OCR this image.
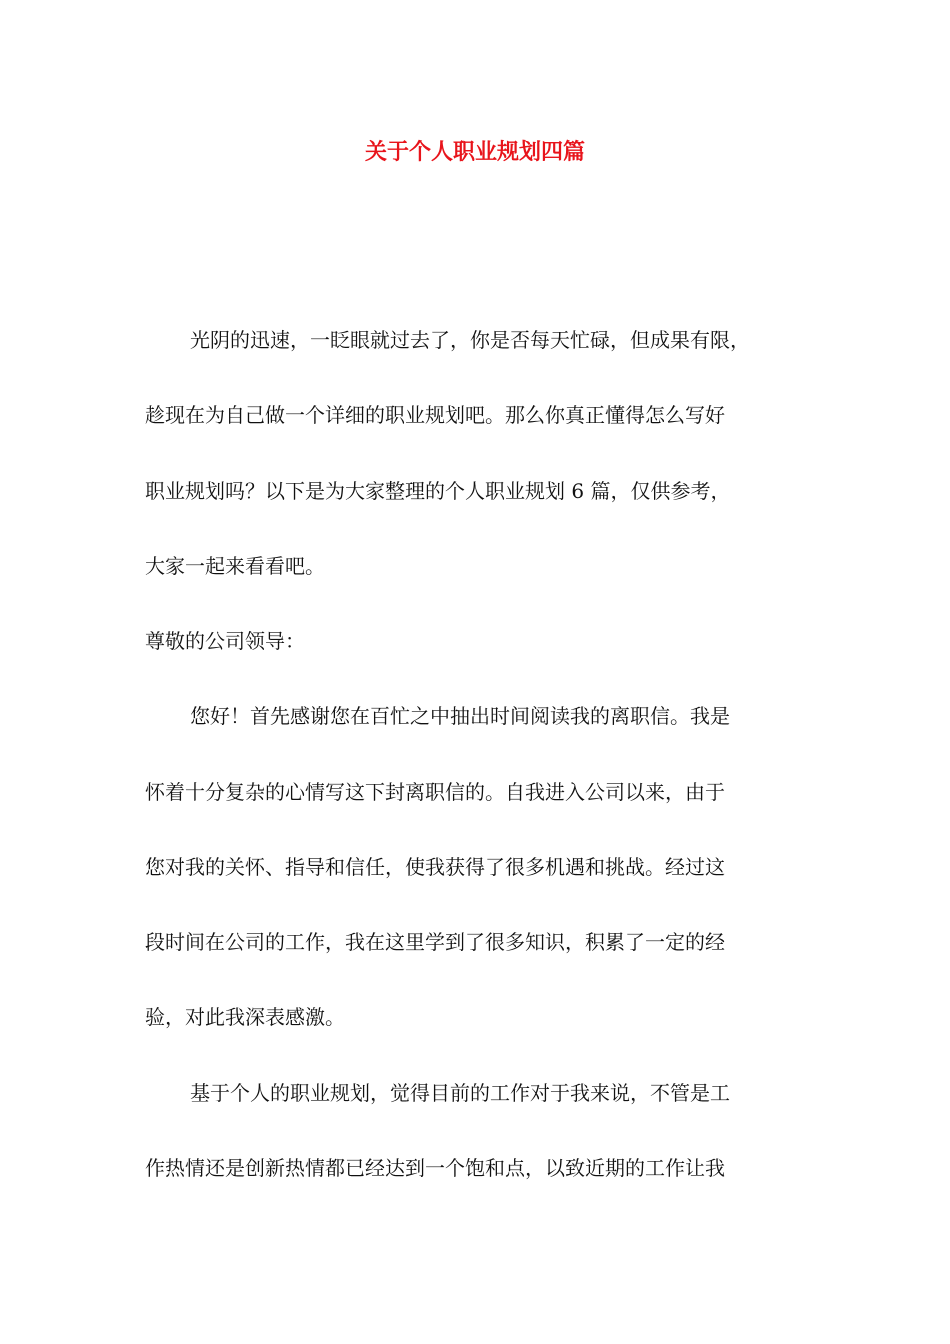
关于个人职业规划四篇
光阴的迅速，一眨眼就过去了，你是否每天忙碌，但成果有限，
趁现在为自己做一个详细的职业规划吧。那么你真正懂得怎么写好
职业规划吗？以下是为大家整理的个人职业规划 6 篇，仅供参考，
大家一起来看看吧。
尊敬的公司领导：
您好！首先感谢您在百忙之中抽出时间阅读我的离职信。我是
怀着十分复杂的心情写这下封离职信的。自我进入公司以来，由于
您对我的关怀、指导和信任，使我获得了很多机遇和挑战。经过这
段时间在公司的工作，我在这里学到了很多知识，积累了一定的经
验，对此我深表感激。
基于个人的职业规划，觉得目前的工作对于我来说，不管是工
作热情还是创新热情都已经达到一个饱和点，以致近期的工作让我
